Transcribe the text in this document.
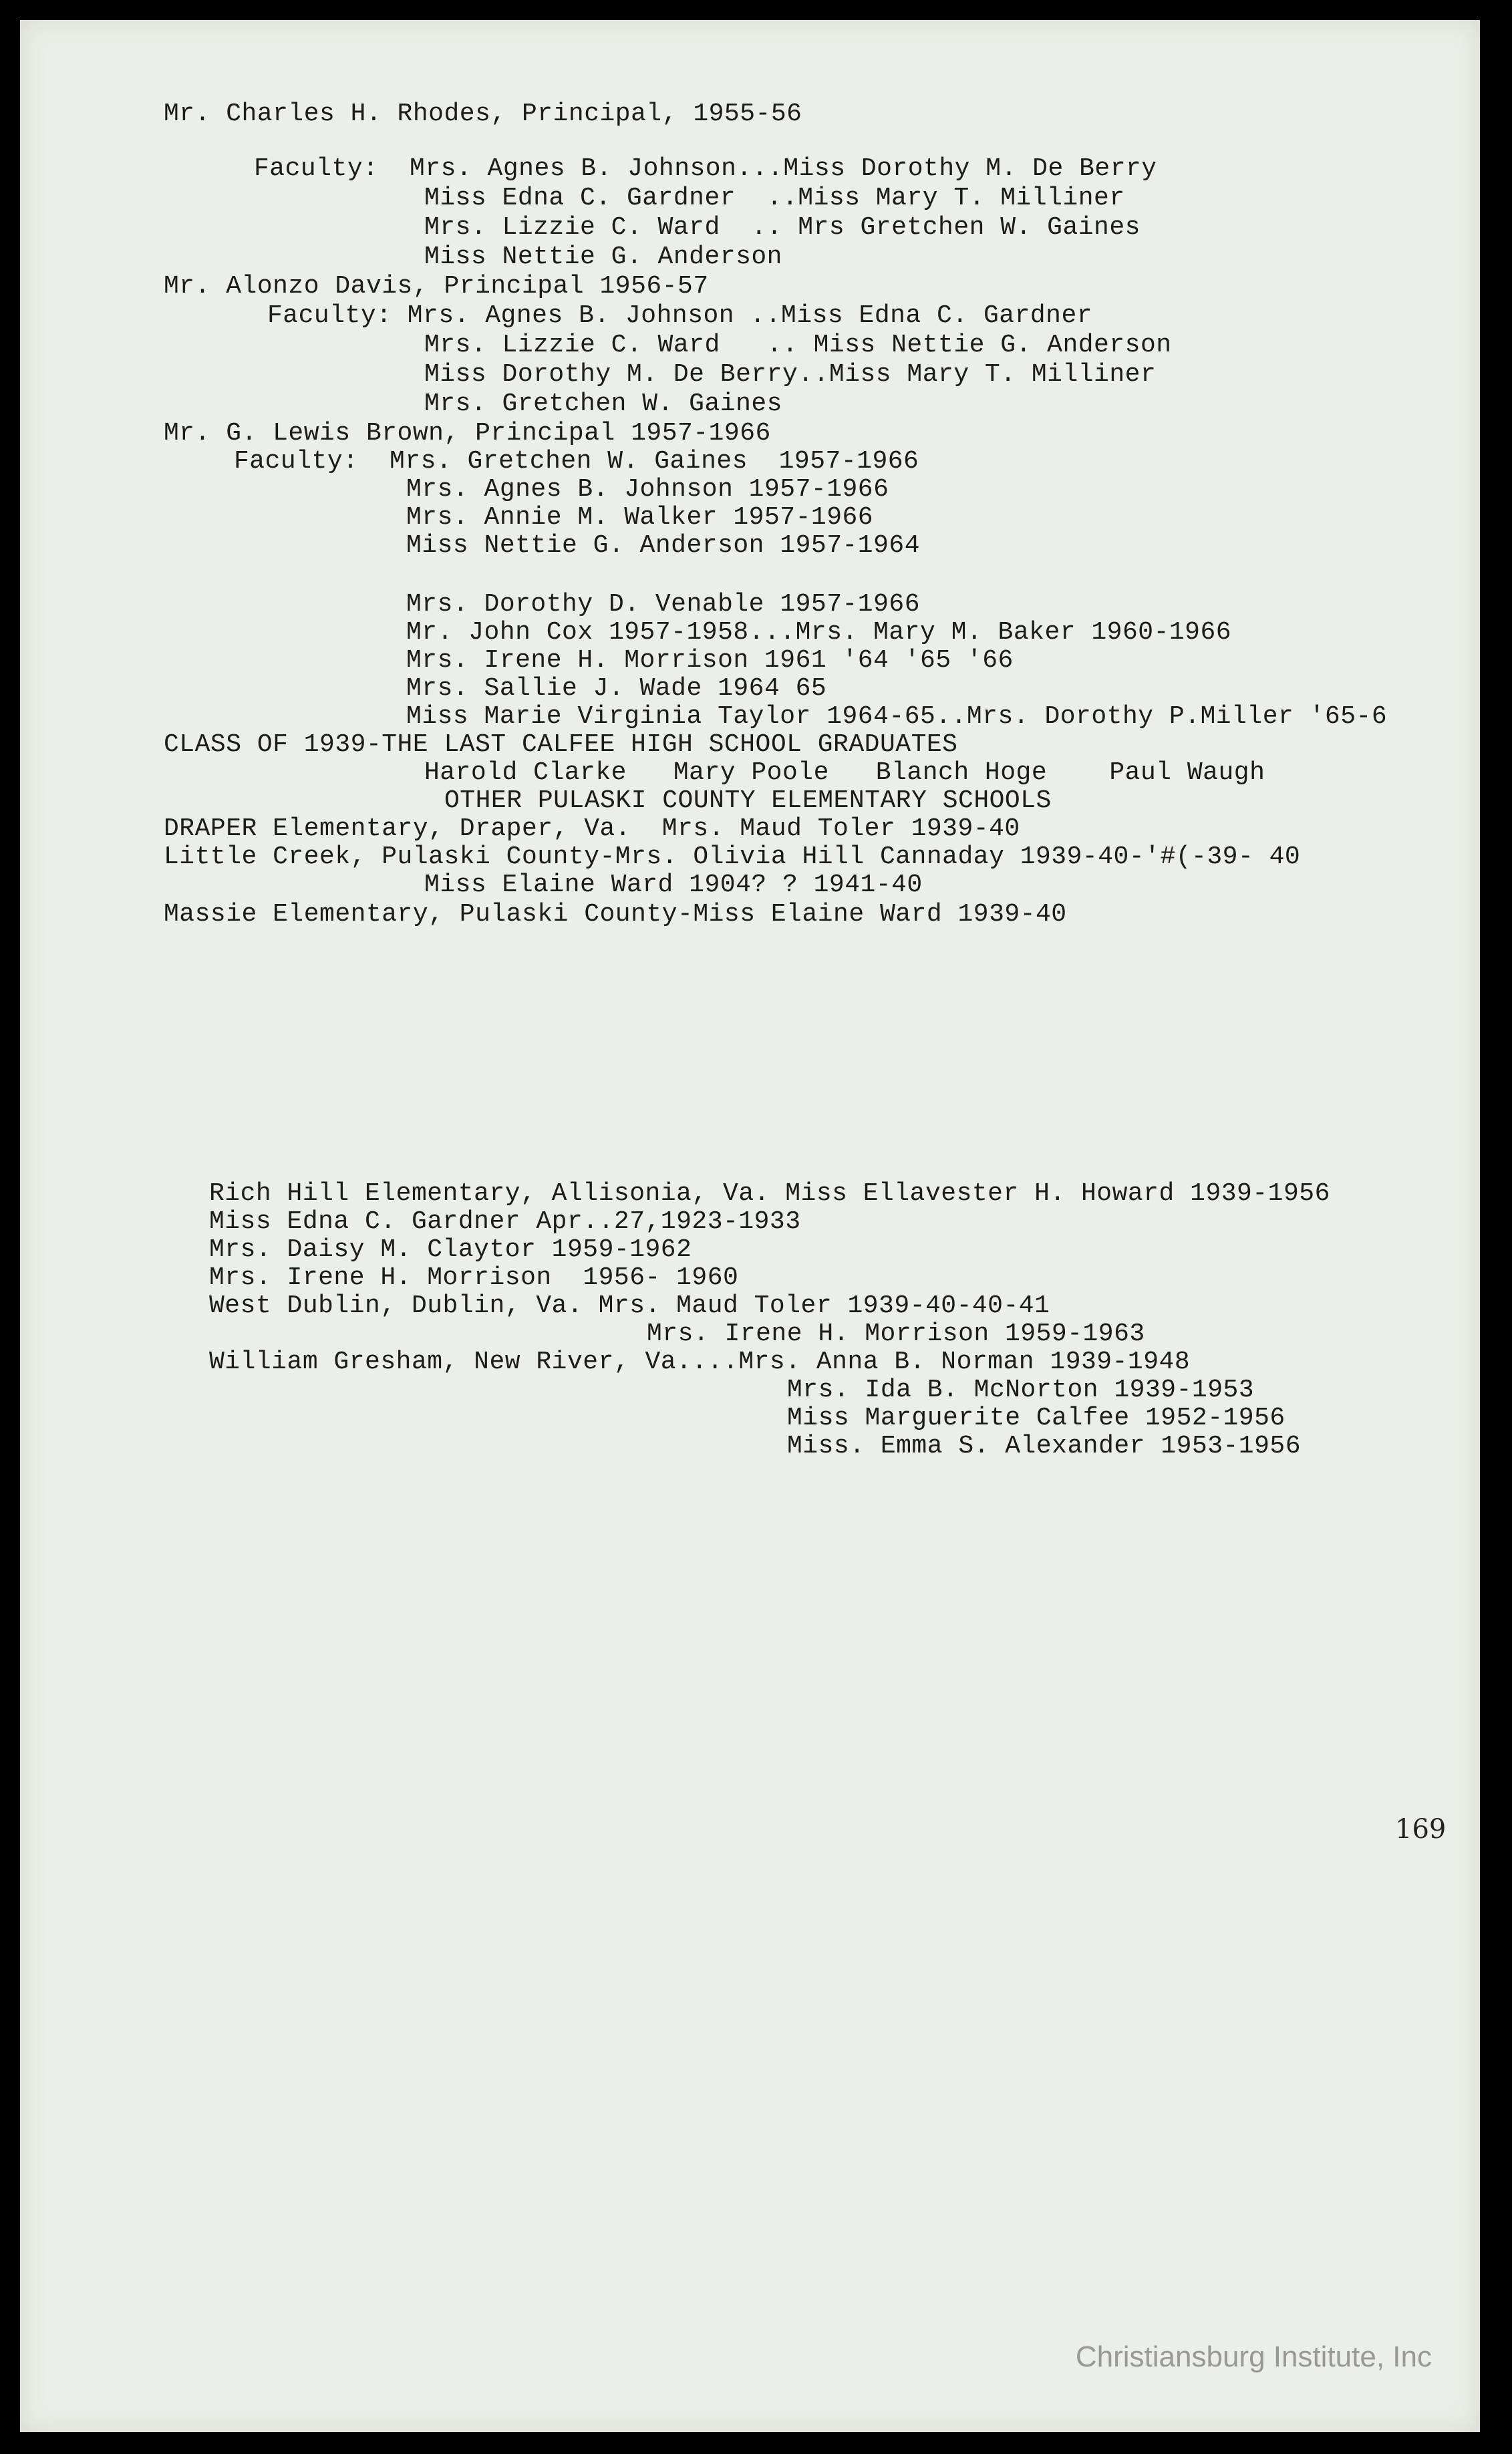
Mr. Charles H. Rhodes, Principal, 1955-56
Faculty:  Mrs. Agnes B. Johnson...Miss Dorothy M. De Berry
Miss Edna C. Gardner  ..Miss Mary T. Milliner
Mrs. Lizzie C. Ward  .. Mrs Gretchen W. Gaines
Miss Nettie G. Anderson
Mr. Alonzo Davis, Principal 1956-57
Faculty: Mrs. Agnes B. Johnson ..Miss Edna C. Gardner
Mrs. Lizzie C. Ward   .. Miss Nettie G. Anderson
Miss Dorothy M. De Berry..Miss Mary T. Milliner
Mrs. Gretchen W. Gaines
Mr. G. Lewis Brown, Principal 1957-1966
Faculty:  Mrs. Gretchen W. Gaines  1957-1966
Mrs. Agnes B. Johnson 1957-1966
Mrs. Annie M. Walker 1957-1966
Miss Nettie G. Anderson 1957-1964
Mrs. Dorothy D. Venable 1957-1966
Mr. John Cox 1957-1958...Mrs. Mary M. Baker 1960-1966
Mrs. Irene H. Morrison 1961 '64 '65 '66
Mrs. Sallie J. Wade 1964 65
Miss Marie Virginia Taylor 1964-65..Mrs. Dorothy P.Miller '65-6
CLASS OF 1939-THE LAST CALFEE HIGH SCHOOL GRADUATES
Harold Clarke   Mary Poole   Blanch Hoge    Paul Waugh
OTHER PULASKI COUNTY ELEMENTARY SCHOOLS
DRAPER Elementary, Draper, Va.  Mrs. Maud Toler 1939-40
Little Creek, Pulaski County-Mrs. Olivia Hill Cannaday 1939-40-'#(-39- 40
Miss Elaine Ward 1904? ? 1941-40
Massie Elementary, Pulaski County-Miss Elaine Ward 1939-40
Rich Hill Elementary, Allisonia, Va. Miss Ellavester H. Howard 1939-1956
Miss Edna C. Gardner Apr..27,1923-1933
Mrs. Daisy M. Claytor 1959-1962
Mrs. Irene H. Morrison  1956- 1960
West Dublin, Dublin, Va. Mrs. Maud Toler 1939-40-40-41
Mrs. Irene H. Morrison 1959-1963
William Gresham, New River, Va....Mrs. Anna B. Norman 1939-1948
Mrs. Ida B. McNorton 1939-1953
Miss Marguerite Calfee 1952-1956
Miss. Emma S. Alexander 1953-1956
169
Christiansburg Institute, Inc
